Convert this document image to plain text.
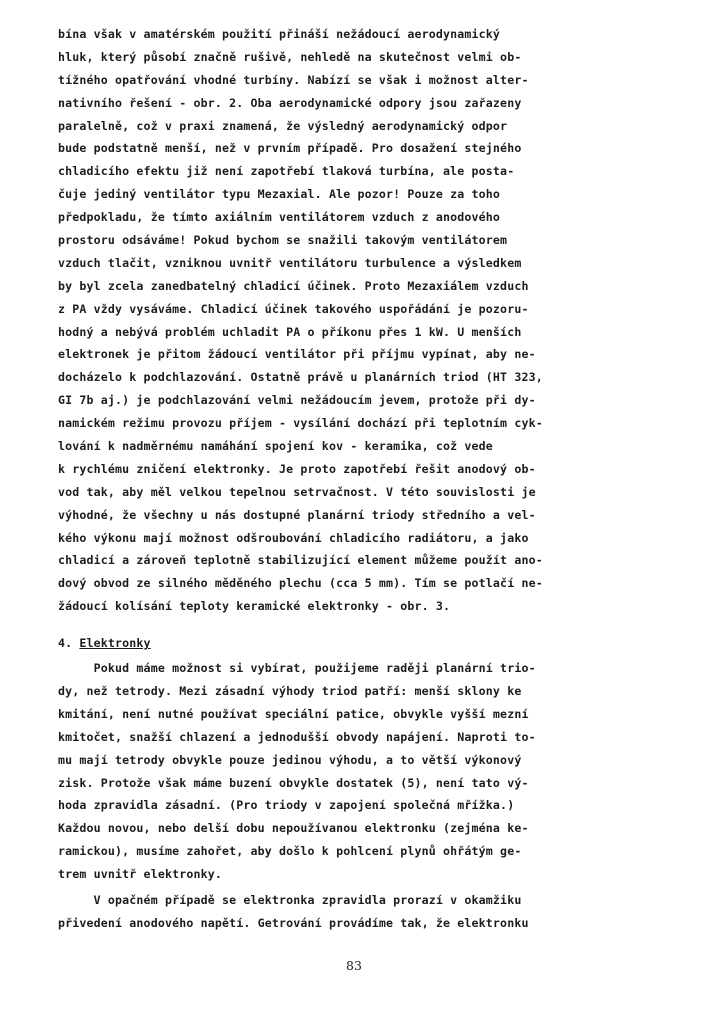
bína však v amatérském použití přináší nežádoucí aerodynamický
hluk, který působí značně rušivě, nehledě na skutečnost velmi ob-
tížného opatřování vhodné turbíny. Nabízí se však i možnost alter-
nativního řešení - obr. 2. Oba aerodynamické odpory jsou zařazeny
paralelně, což v praxi znamená, že výsledný aerodynamický odpor
bude podstatně menší, než v prvním případě. Pro dosažení stejného
chladicího efektu již není zapotřebí tlaková turbína, ale posta-
čuje jediný ventilátor typu Mezaxial. Ale pozor! Pouze za toho
předpokladu, že tímto axiálním ventilátorem vzduch z anodového
prostoru odsáváme! Pokud bychom se snažili takovým ventilátorem
vzduch tlačit, vzniknou uvnitř ventilátoru turbulence a výsledkem
by byl zcela zanedbatelný chladicí účinek. Proto Mezaxiálem vzduch
z PA vždy vysáváme. Chladicí účinek takového uspořádání je pozoru-
hodný a nebývá problém uchladit PA o příkonu přes 1 kW. U menších
elektronek je přitom žádoucí ventilátor při příjmu vypínat, aby ne-
docházelo k podchlazování. Ostatně právě u planárních triod (HT 323,
GI 7b aj.) je podchlazování velmi nežádoucím jevem, protože při dy-
namickém režimu provozu příjem - vysílání dochází při teplotním cyk-
lování k nadměrnému namáhání spojení kov - keramika, což vede
k rychlému zničení elektronky. Je proto zapotřebí řešit anodový ob-
vod tak, aby měl velkou tepelnou setrvačnost. V této souvislosti je
výhodné, že všechny u nás dostupné planární triody středního a vel-
kého výkonu mají možnost odšroubování chladicího radiátoru, a jako
chladicí a zároveň teplotně stabilizující element můžeme použít ano-
dový obvod ze silného měděného plechu (cca 5 mm). Tím se potlačí ne-
žádoucí kolísání teploty keramické elektronky - obr. 3.
4. Elektronky
Pokud máme možnost si vybírat, použijeme raději planární trio-
dy, než tetrody. Mezi zásadní výhody triod patří: menší sklony ke
kmitání, není nutné používat speciální patice, obvykle vyšší mezní
kmitočet, snažší chlazení a jednodušší obvody napájení. Naproti to-
mu mají tetrody obvykle pouze jedinou výhodu, a to větší výkonový
zisk. Protože však máme buzení obvykle dostatek (5), není tato vý-
hoda zpravidla zásadní. (Pro triody v zapojení společná mřížka.)
Každou novou, nebo delší dobu nepoužívanou elektronku (zejména ke-
ramickou), musíme zahořet, aby došlo k pohlcení plynů ohřátým ge-
trem uvnitř elektronky.
V opačném případě se elektronka zpravidla prorazí v okamžiku
přivedení anodového napětí. Getrování provádíme tak, že elektronku
83
